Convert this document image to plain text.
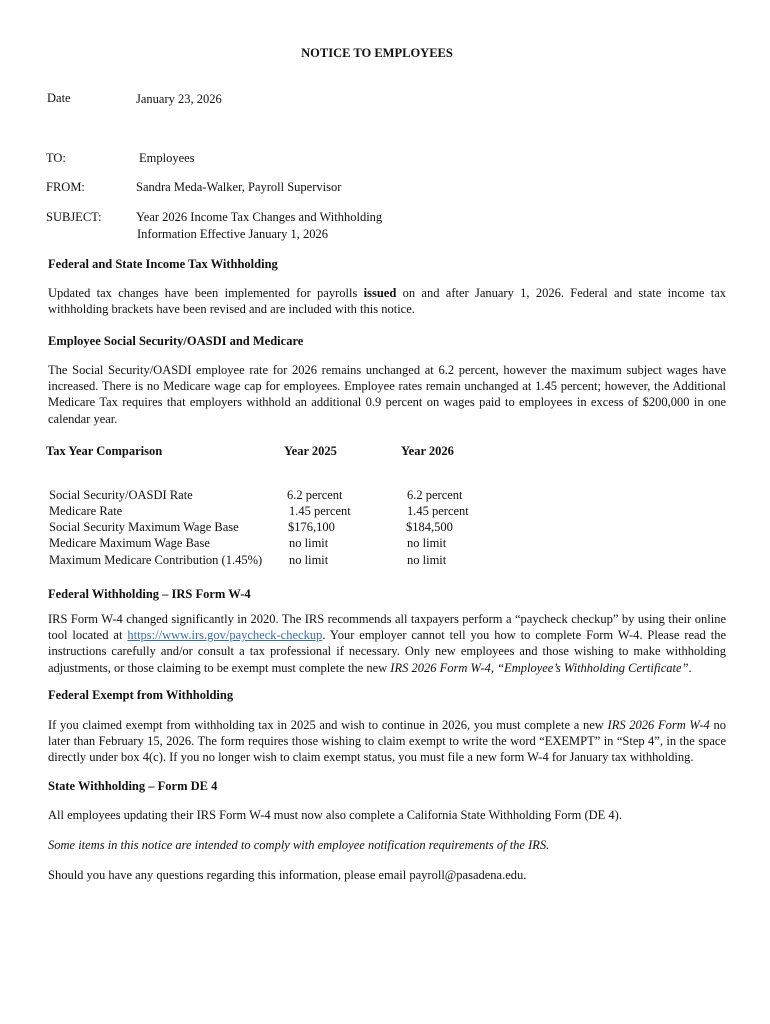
NOTICE TO EMPLOYEES
Date	January 23, 2026
TO:	Employees
FROM:	Sandra Meda-Walker, Payroll Supervisor
SUBJECT:	Year 2026 Income Tax Changes and Withholding
Information Effective January 1, 2026
Federal and State Income Tax Withholding

Updated tax changes have been implemented for payrolls issued on and after January 1, 2026. Federal and state income tax withholding brackets have been revised and are included with this notice.

Employee Social Security/OASDI and Medicare

The Social Security/OASDI employee rate for 2026 remains unchanged at 6.2 percent, however the maximum subject wages have increased. There is no Medicare wage cap for employees. Employee rates remain unchanged at 1.45 percent; however, the Additional Medicare Tax requires that employers withhold an additional 0.9 percent on wages paid to employees in excess of $200,000 in one calendar year.

Tax Year Comparison	Year 2025	Year 2026
Social Security/OASDI Rate	6.2 percent	6.2 percent
Medicare Rate	1.45 percent	1.45 percent
Social Security Maximum Wage Base	$176,100	$184,500
Medicare Maximum Wage Base	no limit	no limit
Maximum Medicare Contribution (1.45%) no limit	no limit
Federal Withholding – IRS Form W-4

IRS Form W-4 changed significantly in 2020. The IRS recommends all taxpayers perform a “paycheck checkup” by using their online tool located at https://www.irs.gov/paycheck-checkup. Your employer cannot tell you how to complete Form W-4. Please read the instructions carefully and/or consult a tax professional if necessary. Only new employees and those wishing to make withholding adjustments, or those claiming to be exempt must complete the new IRS 2026 Form W-4, “Employee’s Withholding Certificate”.

Federal Exempt from Withholding

If you claimed exempt from withholding tax in 2025 and wish to continue in 2026, you must complete a new IRS 2026 Form W-4 no later than February 15, 2026. The form requires those wishing to claim exempt to write the word “EXEMPT” in “Step 4”, in the space directly under box 4(c). If you no longer wish to claim exempt status, you must file a new form W-4 for January tax withholding.

State Withholding – Form DE 4
All employees updating their IRS Form W-4 must now also complete a California State Withholding Form (DE 4).
Some items in this notice are intended to comply with employee notification requirements of the IRS.
Should you have any questions regarding this information, please email payroll@pasadena.edu.
